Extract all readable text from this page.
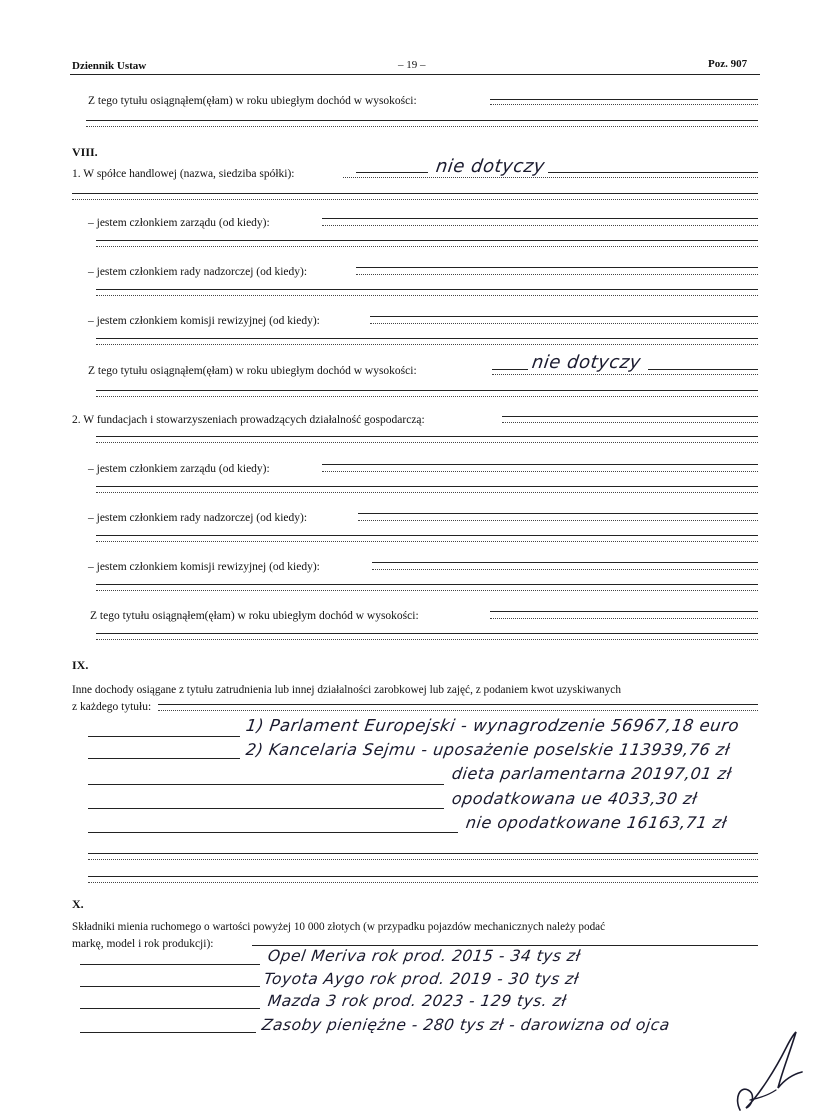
Dziennik Ustaw	– 19 –	Poz. 907
Z tego tytułu osiągnąłem(ęłam) w roku ubiegłym dochód w wysokości:
VIII.
1. W spółce handlowej (nazwa, siedziba spółki):	nie dotyczy
– jestem członkiem zarządu (od kiedy):
– jestem członkiem rady nadzorczej (od kiedy):
– jestem członkiem komisji rewizyjnej (od kiedy):
Z tego tytułu osiągnąłem(ęłam) w roku ubiegłym dochód w wysokości:	nie dotyczy
2. W fundacjach i stowarzyszeniach prowadzących działalność gospodarczą:
– jestem członkiem zarządu (od kiedy):
– jestem członkiem rady nadzorczej (od kiedy):
– jestem członkiem komisji rewizyjnej (od kiedy):
Z tego tytułu osiągnąłem(ęłam) w roku ubiegłym dochód w wysokości:
IX.
Inne dochody osiągane z tytułu zatrudnienia lub innej działalności zarobkowej lub zajęć, z podaniem kwot uzyskiwanych
z każdego tytułu:
1) Parlament Europejski - wynagrodzenie 56967,18 euro
2) Kancelaria Sejmu - uposażenie poselskie 113939,76 zł
dieta parlamentarna 20197,01 zł
opodatkowana ue 4033,30 zł
nie opodatkowane 16163,71 zł
X.
Składniki mienia ruchomego o wartości powyżej 10 000 złotych (w przypadku pojazdów mechanicznych należy podać
markę, model i rok produkcji):
Opel Meriva rok prod. 2015 - 34 tys zł
Toyota Aygo rok prod. 2019 - 30 tys zł
Mazda 3 rok prod. 2023 - 129 tys. zł
Zasoby pieniężne - 280 tys zł - darowizna od ojca
